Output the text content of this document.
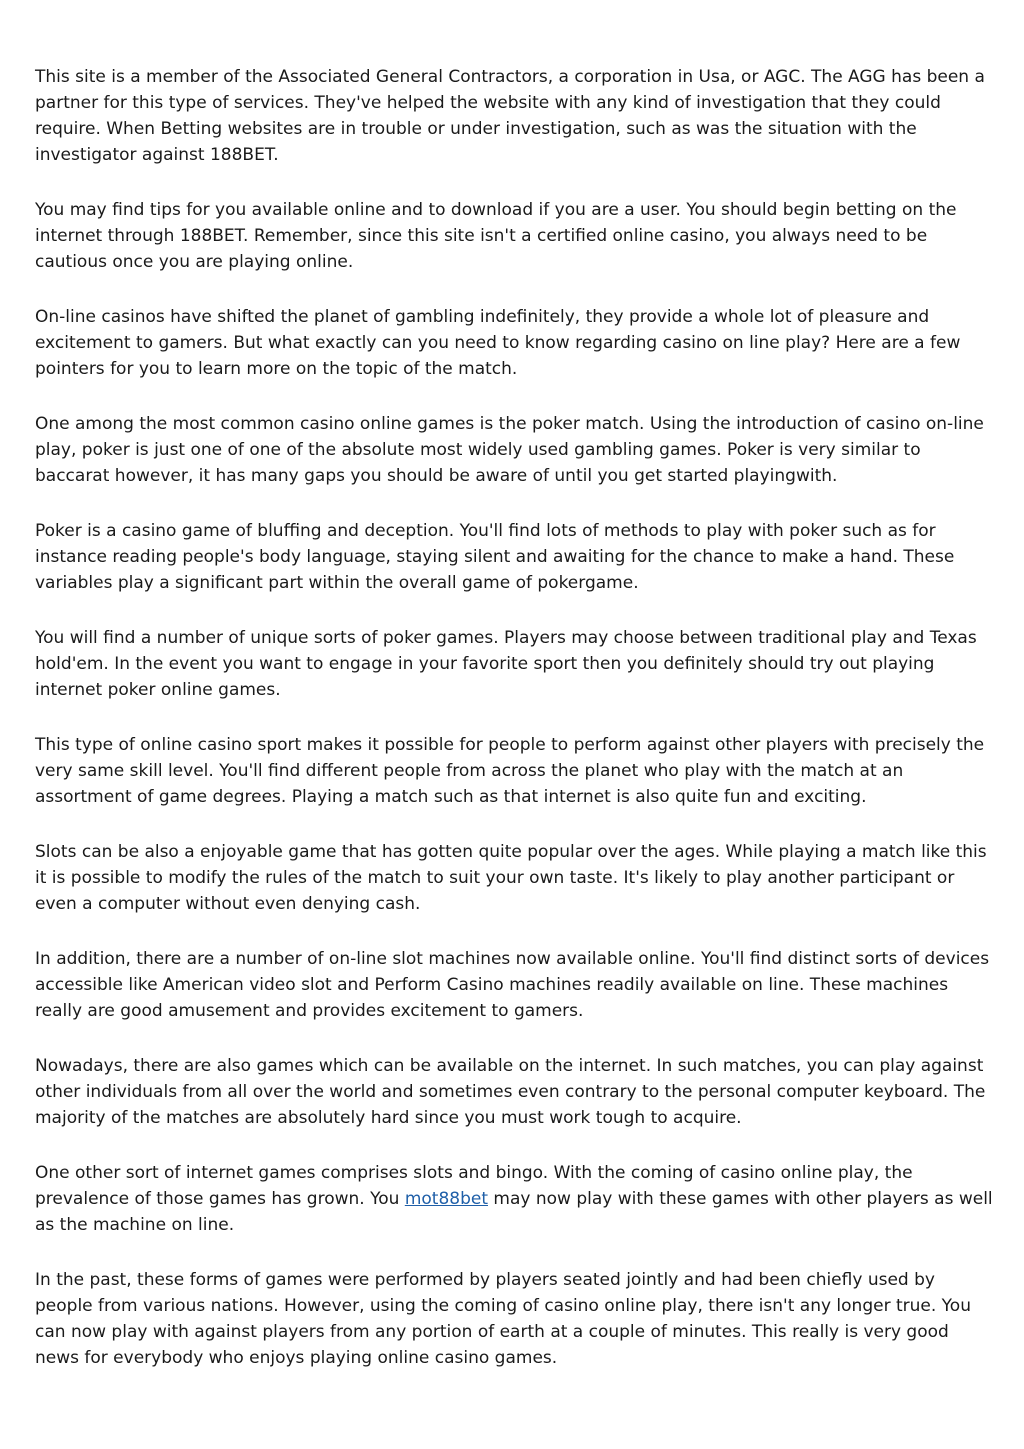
This site is a member of the Associated General Contractors, a corporation in Usa, or AGC. The AGG has been a partner for this type of services. They've helped the website with any kind of investigation that they could require. When Betting websites are in trouble or under investigation, such as was the situation with the investigator against 188BET.

You may find tips for you available online and to download if you are a user. You should begin betting on the internet through 188BET. Remember, since this site isn't a certified online casino, you always need to be cautious once you are playing online.

On-line casinos have shifted the planet of gambling indefinitely, they provide a whole lot of pleasure and excitement to gamers. But what exactly can you need to know regarding casino on line play? Here are a few pointers for you to learn more on the topic of the match.

One among the most common casino online games is the poker match. Using the introduction of casino on-line play, poker is just one of one of the absolute most widely used gambling games. Poker is very similar to baccarat however, it has many gaps you should be aware of until you get started playingwith.

Poker is a casino game of bluffing and deception. You'll find lots of methods to play with poker such as for instance reading people's body language, staying silent and awaiting for the chance to make a hand. These variables play a significant part within the overall game of pokergame.

You will find a number of unique sorts of poker games. Players may choose between traditional play and Texas hold'em. In the event you want to engage in your favorite sport then you definitely should try out playing internet poker online games.

This type of online casino sport makes it possible for people to perform against other players with precisely the very same skill level. You'll find different people from across the planet who play with the match at an assortment of game degrees. Playing a match such as that internet is also quite fun and exciting.

Slots can be also a enjoyable game that has gotten quite popular over the ages. While playing a match like this it is possible to modify the rules of the match to suit your own taste. It's likely to play another participant or even a computer without even denying cash.

In addition, there are a number of on-line slot machines now available online. You'll find distinct sorts of devices accessible like American video slot and Perform Casino machines readily available on line. These machines really are good amusement and provides excitement to gamers.

Nowadays, there are also games which can be available on the internet. In such matches, you can play against other individuals from all over the world and sometimes even contrary to the personal computer keyboard. The majority of the matches are absolutely hard since you must work tough to acquire.

One other sort of internet games comprises slots and bingo. With the coming of casino online play, the prevalence of those games has grown. You mot88bet may now play with these games with other players as well as the machine on line.

In the past, these forms of games were performed by players seated jointly and had been chiefly used by people from various nations. However, using the coming of casino online play, there isn't any longer true. You can now play with against players from any portion of earth at a couple of minutes. This really is very good news for everybody who enjoys playing online casino games.
